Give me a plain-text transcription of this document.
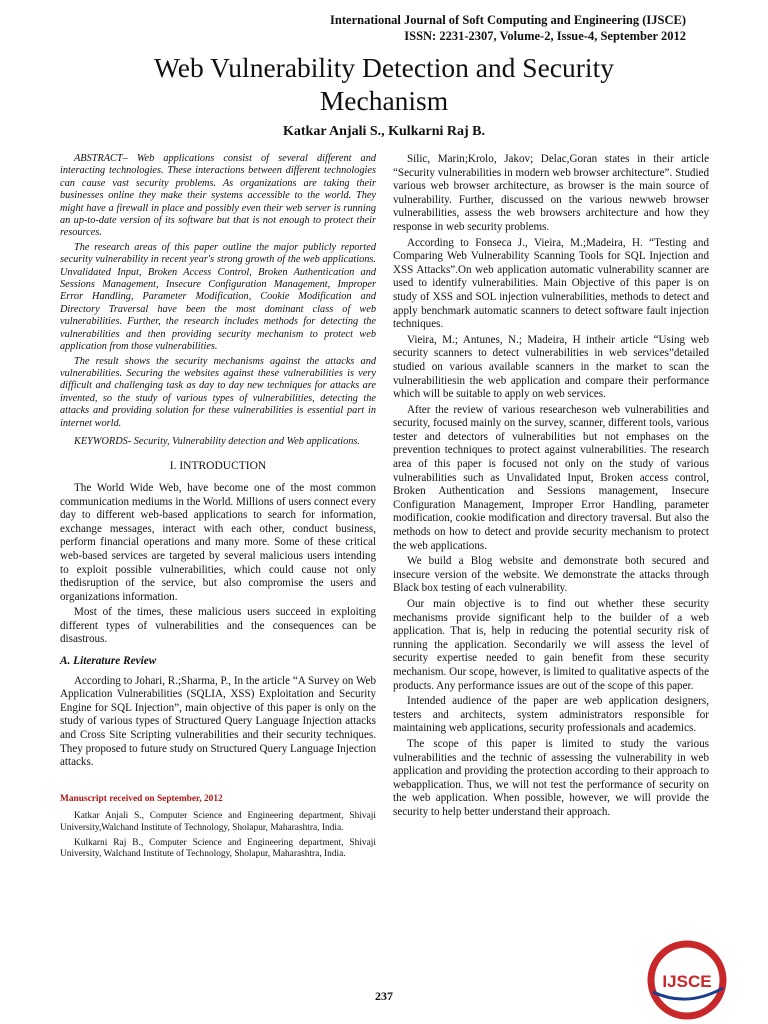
International Journal of Soft Computing and Engineering (IJSCE)
ISSN: 2231-2307, Volume-2, Issue-4, September 2012
Web Vulnerability Detection and Security
Mechanism
Katkar Anjali S., Kulkarni Raj B.

ABSTRACT– Web applications consist of several different and interacting technologies. These interactions between different technologies can cause vast security problems. As organizations are taking their businesses online they make their systems accessible to the world. They might have a firewall in place and possibly even their web server is running an up-to-date version of its software but that is not enough to protect their resources.

The research areas of this paper outline the major publicly reported security vulnerability in recent year's strong growth of the web applications. Unvalidated Input, Broken Access Control, Broken Authentication and Sessions Management, Insecure Configuration Management, Improper Error Handling, Parameter Modification, Cookie Modification and Directory Traversal have been the most dominant class of web vulnerabilities. Further, the research includes methods for detecting the vulnerabilities and then providing security mechanism to protect web application from those vulnerabilities.

The result shows the security mechanisms against the attacks and vulnerabilities. Securing the websites against these vulnerabilities is very difficult and challenging task as day to day new techniques for attacks are invented, so the study of various types of vulnerabilities, detecting the attacks and providing solution for these vulnerabilities is essential part in internet world.

KEYWORDS- Security, Vulnerability detection and Web applications.

I. INTRODUCTION

The World Wide Web, have become one of the most common communication mediums in the World. Millions of users connect every day to different web-based applications to search for information, exchange messages, interact with each other, conduct business, perform financial operations and many more. Some of these critical web-based services are targeted by several malicious users intending to exploit possible vulnerabilities, which could cause not only thedisruption of the service, but also compromise the users and organizations information.

Most of the times, these malicious users succeed in exploiting different types of vulnerabilities and the consequences can be disastrous.

A. Literature Review

According to Johari, R.;Sharma, P., In the article “A Survey on Web Application Vulnerabilities (SQLIA, XSS) Exploitation and Security Engine for SQL Injection”, main objective of this paper is only on the study of various types of Structured Query Language Injection attacks and Cross Site Scripting vulnerabilities and their security techniques. They proposed to future study on Structured Query Language Injection attacks.

Manuscript received on September, 2012
Katkar Anjali S., Computer Science and Engineering department, Shivaji University,Walchand Institute of Technology, Sholapur, Maharashtra, India.
Kulkarni Raj B., Computer Science and Engineering department, Shivaji University, Walchand Institute of Technology, Sholapur, Maharashtra, India.

Silic, Marin;Krolo, Jakov; Delac,Goran states in their article “Security vulnerabilities in modern web browser architecture”. Studied various web browser architecture, as browser is the main source of vulnerability. Further, discussed on the various newweb browser vulnerabilities, assess the web browsers architecture and how they response in web security problems.

According to Fonseca J., Vieira, M.;Madeira, H. “Testing and Comparing Web Vulnerability Scanning Tools for SQL Injection and XSS Attacks”.On web application automatic vulnerability scanner are used to identify vulnerabilities. Main Objective of this paper is on study of XSS and SOL injection vulnerabilities, methods to detect and apply benchmark automatic scanners to detect software fault injection techniques.

Vieira, M.; Antunes, N.; Madeira, H intheir article “Using web security scanners to detect vulnerabilities in web services”detailed studied on various available scanners in the market to scan the vulnerabilitiesin the web application and compare their performance which will be suitable to apply on web services.

After the review of various researcheson web vulnerabilities and security, focused mainly on the survey, scanner, different tools, various tester and detectors of vulnerabilities but not emphases on the prevention techniques to protect against vulnerabilities. The research area of this paper is focused not only on the study of various vulnerabilities such as Unvalidated Input, Broken access control, Broken Authentication and Sessions management, Insecure Configuration Management, Improper Error Handling, parameter modification, cookie modification and directory traversal. But also the methods on how to detect and provide security mechanism to protect the web applications.

We build a Blog website and demonstrate both secured and insecure version of the website. We demonstrate the attacks through Black box testing of each vulnerability.

Our main objective is to find out whether these security mechanisms provide significant help to the builder of a web application. That is, help in reducing the potential security risk of running the application. Secondarily we will assess the level of security expertise needed to gain benefit from these security mechanism. Our scope, however, is limited to qualitative aspects of the products. Any performance issues are out of the scope of this paper.

Intended audience of the paper are web application designers, testers and architects, system administrators responsible for maintaining web applications, security professionals and academics.

The scope of this paper is limited to study the various vulnerabilities and the technic of assessing the vulnerability in web application and providing the protection according to their approach to webapplication. Thus, we will not test the performance of security on the web application. When possible, however, we will provide the security to help better understand their approach.

237
IJSCE
